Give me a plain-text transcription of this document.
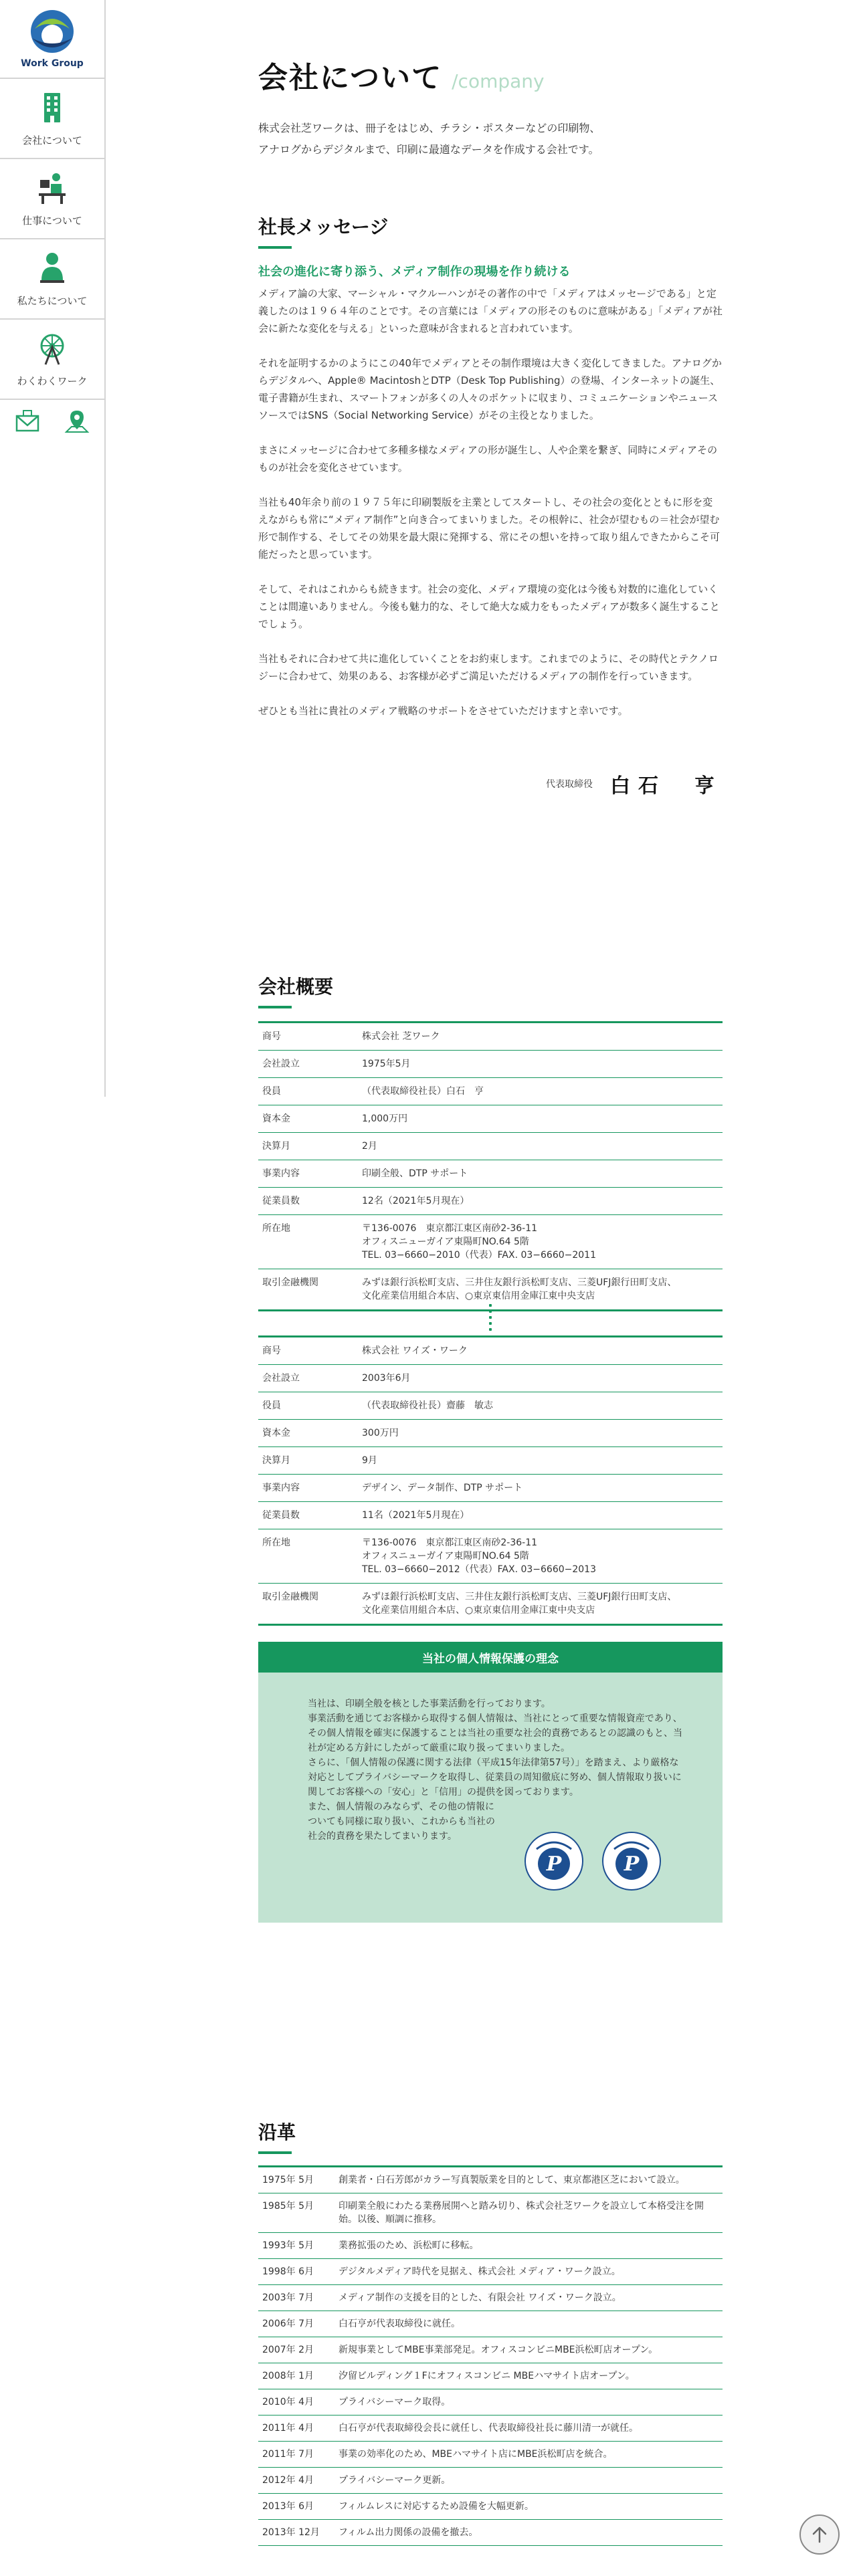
Work Group
会社について
仕事について
私たちについて
わくわくワーク
会社について /company
株式会社芝ワークは、冊子をはじめ、チラシ・ポスターなどの印刷物、
アナログからデジタルまで、印刷に最適なデータを作成する会社です。
社長メッセージ
社会の進化に寄り添う、メディア制作の現場を作り続ける

メディア論の大家、マーシャル・マクルーハンがその著作の中で「メディアはメッセージである」と定義したのは１９６４年のことです。その言葉には「メディアの形そのものに意味がある」「メディアが社会に新たな変化を与える」といった意味が含まれると言われています。

それを証明するかのようにこの40年でメディアとその制作環境は大きく変化してきました。アナログからデジタルへ、Apple® MacintoshとDTP（Desk Top Publishing）の登場、インターネットの誕生、電子書籍が生まれ、スマートフォンが多くの人々のポケットに収まり、コミュニケーションやニュースソースではSNS（Social Networking Service）がその主役となりました。

まさにメッセージに合わせて多種多様なメディアの形が誕生し、人や企業を繋ぎ、同時にメディアそのものが社会を変化させています。

当社も40年余り前の１９７５年に印刷製版を主業としてスタートし、その社会の変化とともに形を変えながらも常に“メディア制作”と向き合ってまいりました。その根幹に、社会が望むもの＝社会が望む形で制作する、そしてその効果を最大限に発揮する、常にその想いを持って取り組んできたからこそ可能だったと思っています。

そして、それはこれからも続きます。社会の変化、メディア環境の変化は今後も対数的に進化していくことは間違いありません。今後も魅力的な、そして絶大な威力をもったメディアが数多く誕生することでしょう。

当社もそれに合わせて共に進化していくことをお約束します。これまでのように、その時代とテクノロジーに合わせて、効果のある、お客様が必ずご満足いただけるメディアの制作を行っていきます。

ぜひとも当社に貴社のメディア戦略のサポートをさせていただけますと幸いです。

代表取締役 白石　亨
会社概要
商号	株式会社 芝ワーク
会社設立	1975年5月
役員	（代表取締役社長）白石　亨
資本金	1,000万円
決算月	2月
事業内容	印刷全般、DTP サポート
従業員数	12名（2021年5月現在）
所在地	〒136-0076　東京都江東区南砂2-36-11
オフィスニューガイア東陽町NO.64 5階
TEL. 03−6660−2010（代表）FAX. 03−6660−2011
取引金融機関	みずほ銀行浜松町支店、三井住友銀行浜松町支店、三菱UFJ銀行田町支店、
文化産業信用組合本店、○東京東信用金庫江東中央支店
商号	株式会社 ワイズ・ワーク
会社設立	2003年6月
役員	（代表取締役社長）齋藤　敏志
資本金	300万円
決算月	9月
事業内容	デザイン、データ制作、DTP サポート
従業員数	11名（2021年5月現在）
所在地	〒136-0076　東京都江東区南砂2-36-11
オフィスニューガイア東陽町NO.64 5階
TEL. 03−6660−2012（代表）FAX. 03−6660−2013
取引金融機関	みずほ銀行浜松町支店、三井住友銀行浜松町支店、三菱UFJ銀行田町支店、
文化産業信用組合本店、○東京東信用金庫江東中央支店
当社の個人情報保護の理念
当社は、印刷全般を核とした事業活動を行っております。
事業活動を通じてお客様から取得する個人情報は、当社にとって重要な情報資産であり、その個人情報を確実に保護することは当社の重要な社会的責務であるとの認識のもと、当社が定める方針にしたがって厳重に取り扱ってまいりました。
さらに、「個人情報の保護に関する法律（平成15年法律第57号）」を踏まえ、より厳格な対応としてプライバシーマークを取得し、従業員の周知徹底に努め、個人情報取り扱いに関してお客様への「安心」と「信用」の提供を図っております。
また、個人情報のみならず、その他の情報についても同様に取り扱い、これからも当社の社会的責務を果たしてまいります。
P	P
沿革
1975年 5月	創業者・白石芳郎がカラー写真製版業を目的として、東京都港区芝において設立。
1985年 5月	印刷業全般にわたる業務展開へと踏み切り、株式会社芝ワークを設立して本格受注を開始。以後、順調に推移。
1993年 5月	業務拡張のため、浜松町に移転。
1998年 6月	デジタルメディア時代を見据え、株式会社 メディア・ワーク設立。
2003年 7月	メディア制作の支援を目的とした、有限会社 ワイズ・ワーク設立。
2006年 7月	白石亨が代表取締役に就任。
2007年 2月	新規事業としてMBE事業部発足。オフィスコンビニMBE浜松町店オープン。
2008年 1月	汐留ビルディング１Fにオフィスコンビニ MBEハマサイト店オープン。
2010年 4月	プライバシーマーク取得。
2011年 4月	白石亨が代表取締役会長に就任し、代表取締役社長に藤川清一が就任。
2011年 7月	事業の効率化のため、MBEハマサイト店にMBE浜松町店を統合。
2012年 4月	プライバシーマーク更新。
2013年 6月	フィルムレスに対応するため設備を大幅更新。
2013年 12月	フィルム出力関係の設備を撤去。
